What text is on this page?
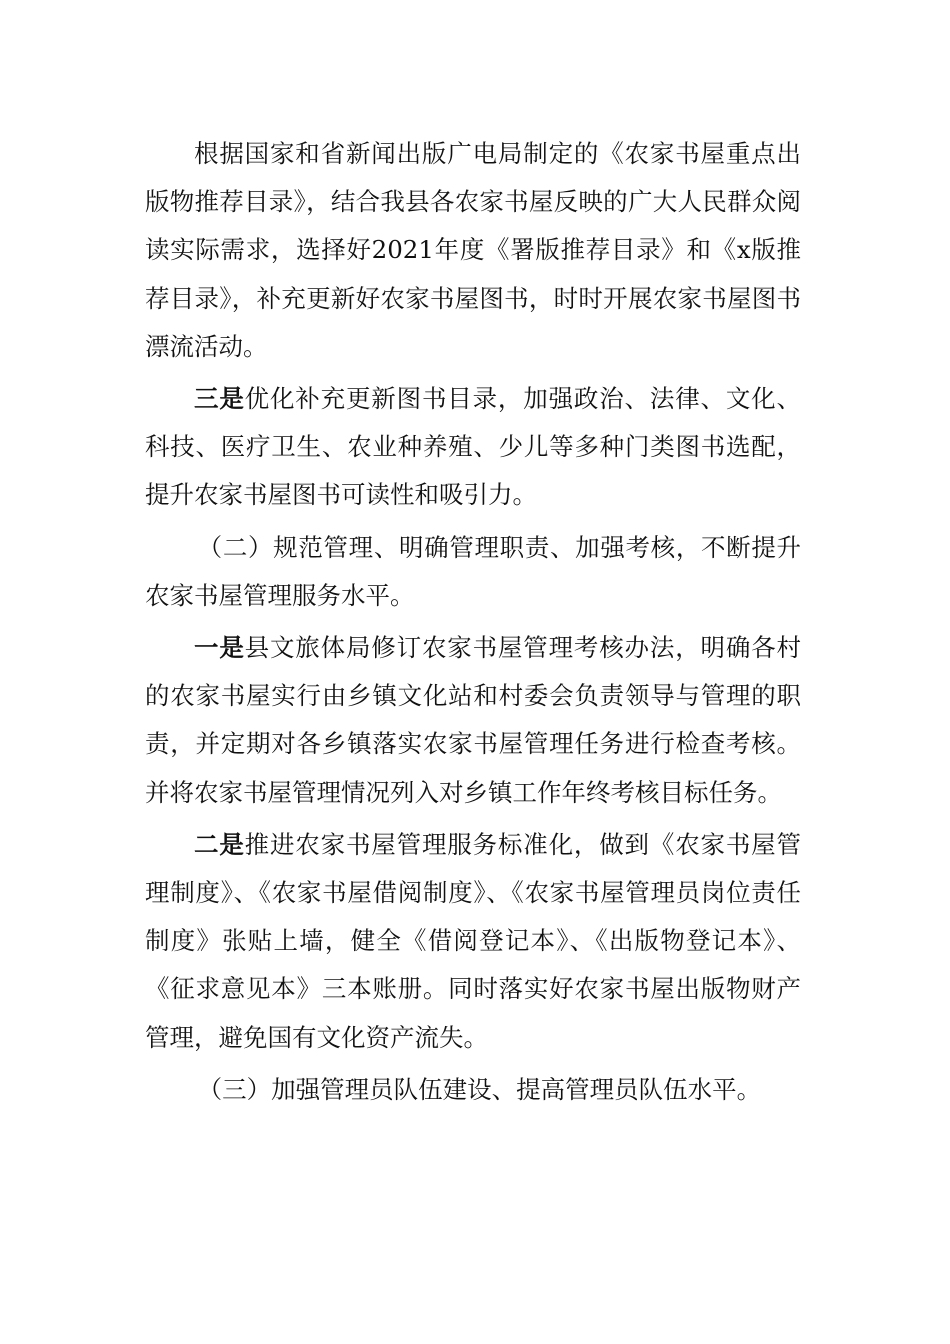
根据国家和省新闻出版广电局制定的《农家书屋重点出版物推荐目录》，结合我县各农家书屋反映的广大人民群众阅读实际需求，选择好2021年度《署版推荐目录》和《x版推荐目录》，补充更新好农家书屋图书，时时开展农家书屋图书漂流活动。

三是优化补充更新图书目录，加强政治、法律、文化、科技、医疗卫生、农业种养殖、少儿等多种门类图书选配，提升农家书屋图书可读性和吸引力。

（二）规范管理、明确管理职责、加强考核，不断提升农家书屋管理服务水平。

一是县文旅体局修订农家书屋管理考核办法，明确各村的农家书屋实行由乡镇文化站和村委会负责领导与管理的职责，并定期对各乡镇落实农家书屋管理任务进行检查考核。并将农家书屋管理情况列入对乡镇工作年终考核目标任务。

二是推进农家书屋管理服务标准化，做到《农家书屋管理制度》、《农家书屋借阅制度》、《农家书屋管理员岗位责任制度》张贴上墙，健全《借阅登记本》、《出版物登记本》、《征求意见本》三本账册。同时落实好农家书屋出版物财产管理，避免国有文化资产流失。

（三）加强管理员队伍建设、提高管理员队伍水平。
